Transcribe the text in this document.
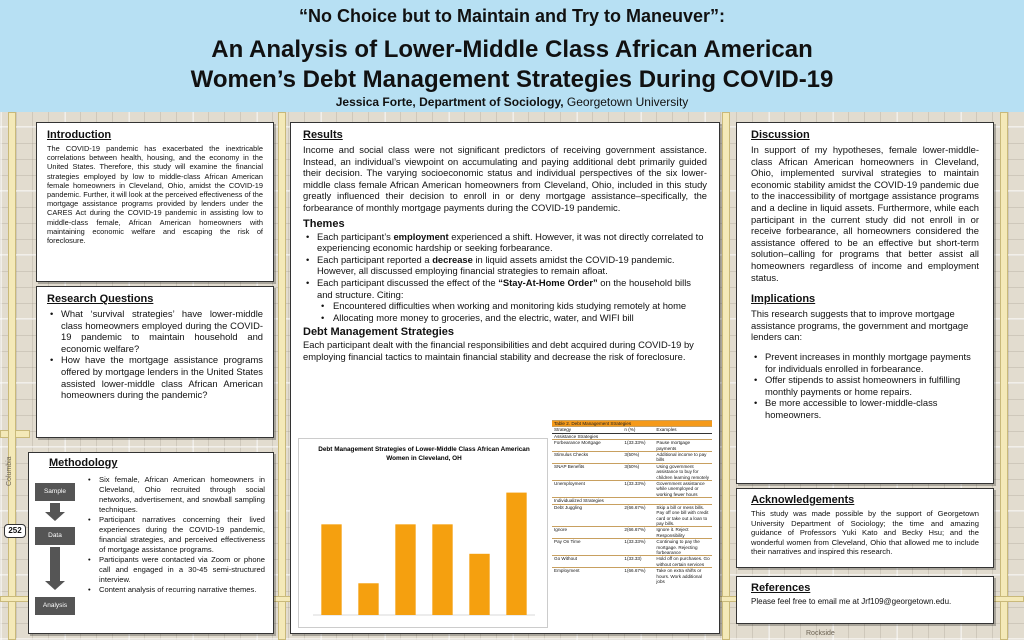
252
Columbia
Rockside
“No Choice but to Maintain and Try to Maneuver”:
An Analysis of Lower-Middle Class African American
Women’s Debt Management Strategies During COVID-19
Jessica Forte, Department of Sociology, Georgetown University
Introduction

The COVID-19 pandemic has exacerbated the inextricable correlations between health, housing, and the economy in the United States. Therefore, this study will examine the financial strategies employed by low to middle-class African American female homeowners in Cleveland, Ohio, amidst the COVID-19 pandemic. Further, it will look at the perceived effectiveness of the mortgage assistance programs provided by lenders under the CARES Act during the COVID-19 pandemic in assisting low to middle-class female, African American homeowners with maintaining economic welfare and escaping the risk of foreclosure.

Research Questions
• What ‘survival strategies’ have lower-middle class homeowners employed during the COVID-19 pandemic to maintain household and economic welfare?
• How have the mortgage assistance programs offered by mortgage lenders in the United States assisted lower-middle class African American homeowners during the pandemic?
Methodology
Sample
Data
Analysis
• Six female, African American homeowners in Cleveland, Ohio recruited through social networks, advertisement, and snowball sampling techniques.
• Participant narratives concerning their lived experiences during the COVID-19 pandemic, financial strategies, and perceived effectiveness of mortgage assistance programs.
• Participants were contacted via Zoom or phone call and engaged in a 30-45 semi-structured interview.
• Content analysis of recurring narrative themes.
Results

Income and social class were not significant predictors of receiving government assistance. Instead, an individual’s viewpoint on accumulating and paying additional debt primarily guided their decision. The varying socioeconomic status and individual perspectives of the six lower-middle class female African American homeowners from Cleveland, Ohio, included in this study greatly influenced their decision to enroll in or deny mortgage assistance–specifically, the forbearance of monthly mortgage payments during the COVID-19 pandemic.

Themes
• Each participant’s employment experienced a shift. However, it was not directly correlated to experiencing economic hardship or seeking forbearance.
• Each participant reported a decrease in liquid assets amidst the COVID-19 pandemic. However, all discussed employing financial strategies to remain afloat.
• Each participant discussed the effect of the “Stay-At-Home Order” on the household bills and structure. Citing:
• Encountered difficulties when working and monitoring kids studying remotely at home
• Allocating more money to groceries, and the electric, water, and WIFI bill
Debt Management Strategies

Each participant dealt with the financial responsibilities and debt acquired during COVID-19 by employing financial tactics to maintain financial stability and decrease the risk of foreclosure.

Debt Management Strategies of Lower-Middle Class African American
Women in Cleveland, OH
Table 2. Debt Management Strategies		
Strategy	n (%)	Examples
Assistance Strategies		
Forbearance Mortgage	1(33.33%)	Pause mortgage payments
Stimulus Checks	3(50%)	Additional income to pay bills
SNAP Benefits	3(50%)	Using government assistance to buy for children learning remotely
Unemployment	1(33.33%)	Government assistance while unemployed or working fewer hours
Individualized Strategies		
Debt Juggling	2(66.67%)	Skip a bill or mess bills. Pay off one bill with credit card or take out a loan to pay bills.
Ignore	2(66.67%)	Ignore it. Reject Responsibility
Pay On Time	1(33.33%)	Continuing to pay the mortgage. Rejecting forbearance
Go Without	1(33.33)	Hold off on purchases. Go without certain services
Employment	1(66.67%)	Take on extra shifts or hours. Work additional jobs
Discussion

In support of my hypotheses, female lower-middle-class African American homeowners in Cleveland, Ohio, implemented survival strategies to maintain economic stability amidst the COVID-19 pandemic due to the inaccessibility of mortgage assistance programs and a decline in liquid assets. Furthermore, while each participant in the current study did not enroll in or receive forbearance, all homeowners considered the assistance offered to be an effective but short-term solution–calling for programs that better assist all homeowners regardless of income and employment status.

Implications

This research suggests that to improve mortgage assistance programs, the government and mortgage lenders can:

• Prevent increases in monthly mortgage payments for individuals enrolled in forbearance.
• Offer stipends to assist homeowners in fulfilling monthly payments or home repairs.
• Be more accessible to lower-middle-class homeowners.
Acknowledgements

This study was made possible by the support of Georgetown University Department of Sociology; the time and amazing guidance of Professors Yuki Kato and Becky Hsu; and the wonderful women from Cleveland, Ohio that allowed me to include their narratives and inspired this research.

References

Please feel free to email me at Jrf109@georgetown.edu.
